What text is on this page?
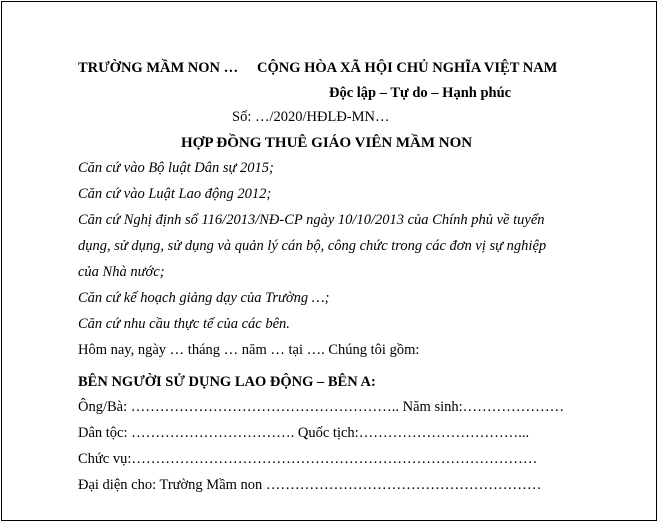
TRƯỜNG MẦM NON … CỘNG HÒA XÃ HỘI CHỦ NGHĨA VIỆT NAM
Độc lập – Tự do – Hạnh phúc
Số: …/2020/HĐLĐ-MN…
HỢP ĐỒNG THUÊ GIÁO VIÊN MẦM NON
Căn cứ vào Bộ luật Dân sự 2015;
Căn cứ vào Luật Lao động 2012;
Căn cứ Nghị định số 116/2013/NĐ-CP ngày 10/10/2013 của Chính phủ về tuyển
dụng, sử dụng, sử dụng và quản lý cán bộ, công chức trong các đơn vị sự nghiệp
của Nhà nước;
Căn cứ kế hoạch giảng dạy của Trường …;
Căn cứ nhu cầu thực tế của các bên.
Hôm nay, ngày … tháng … năm … tại …. Chúng tôi gồm:
BÊN NGƯỜI SỬ DỤNG LAO ĐỘNG – BÊN A:
Ông/Bà: ……………………………………………….. Năm sinh:…………………
Dân tộc: ……………………………. Quốc tịch:……………………………...
Chức vụ:…………………………………………………………………………
Đại diện cho: Trường Mầm non …………………………………………………
